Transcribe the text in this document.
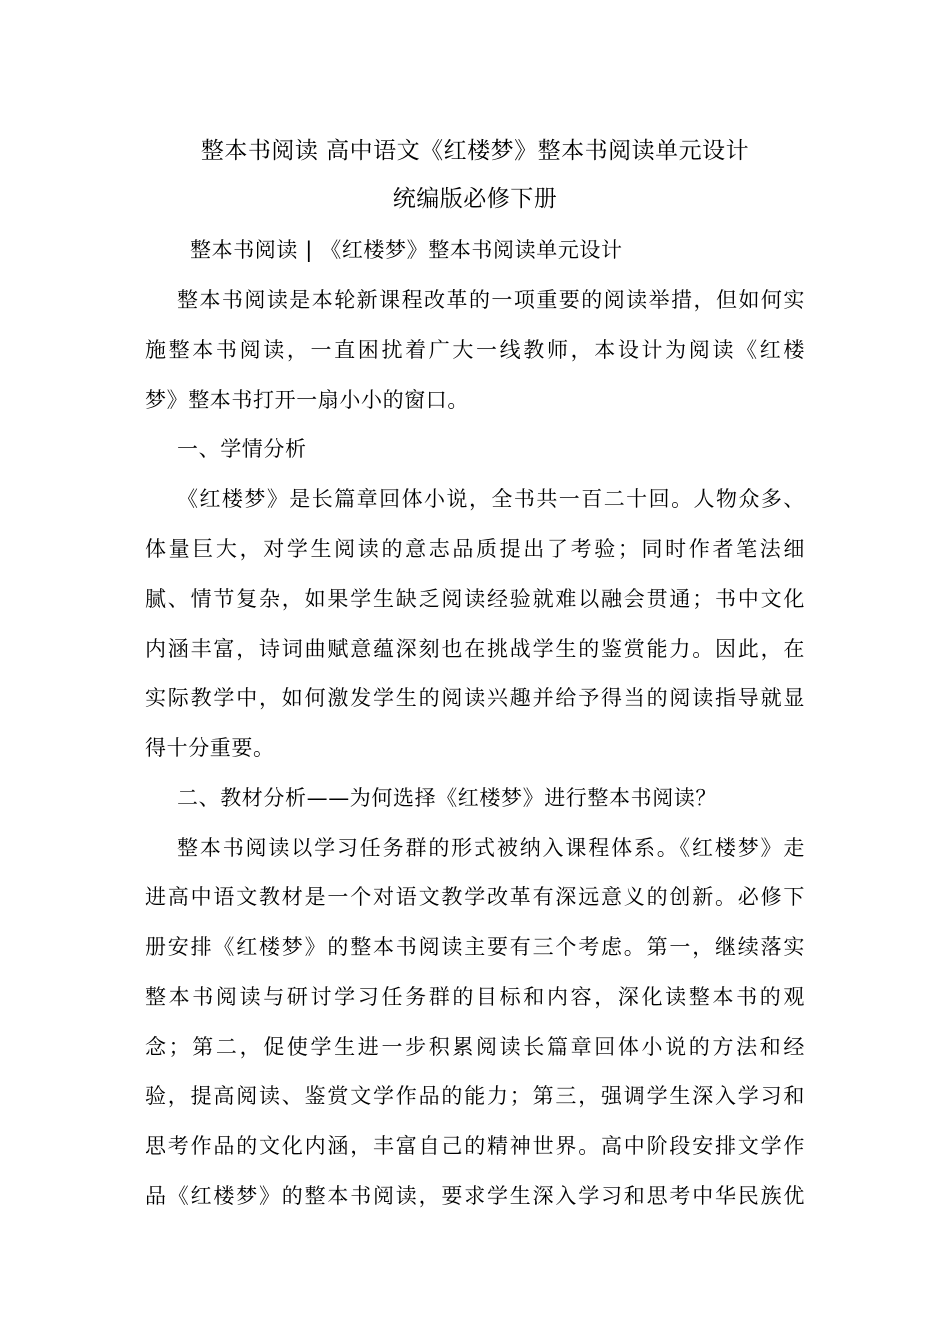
整本书阅读 高中语文《红楼梦》整本书阅读单元设计
统编版必修下册
整本书阅读 | 《红楼梦》整本书阅读单元设计
整本书阅读是本轮新课程改革的一项重要的阅读举措，但如何实
施整本书阅读，一直困扰着广大一线教师，本设计为阅读《红楼
梦》整本书打开一扇小小的窗口。
一、学情分析
《红楼梦》是长篇章回体小说，全书共一百二十回。人物众多、
体量巨大，对学生阅读的意志品质提出了考验；同时作者笔法细
腻、情节复杂，如果学生缺乏阅读经验就难以融会贯通；书中文化
内涵丰富，诗词曲赋意蕴深刻也在挑战学生的鉴赏能力。因此，在
实际教学中，如何激发学生的阅读兴趣并给予得当的阅读指导就显
得十分重要。
二、教材分析——为何选择《红楼梦》进行整本书阅读？
整本书阅读以学习任务群的形式被纳入课程体系。《红楼梦》走
进高中语文教材是一个对语文教学改革有深远意义的创新。必修下
册安排《红楼梦》的整本书阅读主要有三个考虑。第一，继续落实
整本书阅读与研讨学习任务群的目标和内容，深化读整本书的观
念；第二，促使学生进一步积累阅读长篇章回体小说的方法和经
验，提高阅读、鉴赏文学作品的能力；第三，强调学生深入学习和
思考作品的文化内涵，丰富自己的精神世界。高中阶段安排文学作
品《红楼梦》的整本书阅读，要求学生深入学习和思考中华民族优
